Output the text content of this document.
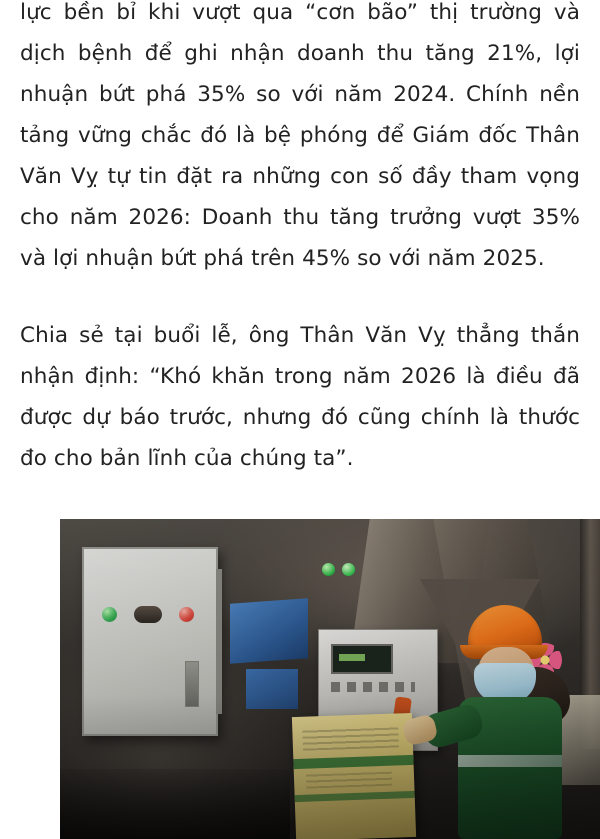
lực bền bỉ khi vượt qua “cơn bão” thị trường và dịch bệnh để ghi nhận doanh thu tăng 21%, lợi nhuận bứt phá 35% so với năm 2024. Chính nền tảng vững chắc đó là bệ phóng để Giám đốc Thân Văn Vỵ tự tin đặt ra những con số đầy tham vọng cho năm 2026: Doanh thu tăng trưởng vượt 35% và lợi nhuận bứt phá trên 45% so với năm 2025.

Chia sẻ tại buổi lễ, ông Thân Văn Vỵ thẳng thắn nhận định: “Khó khăn trong năm 2026 là điều đã được dự báo trước, nhưng đó cũng chính là thước đo cho bản lĩnh của chúng ta”.
